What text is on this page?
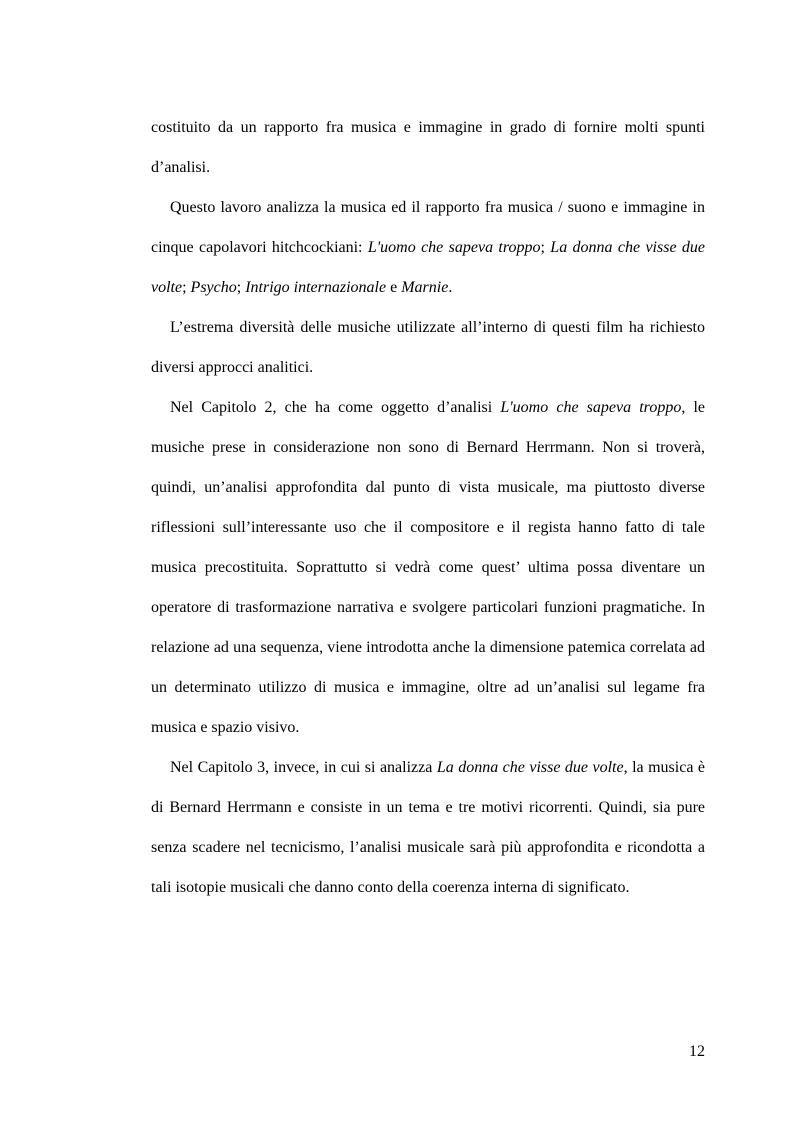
costituito da un rapporto fra musica e immagine in grado di fornire molti spunti d’analisi.

Questo lavoro analizza la musica ed il rapporto fra musica / suono e immagine in cinque capolavori hitchcockiani: L'uomo che sapeva troppo; La donna che visse due volte; Psycho; Intrigo internazionale e Marnie.

L’estrema diversità delle musiche utilizzate all’interno di questi film ha richiesto diversi approcci analitici.

Nel Capitolo 2, che ha come oggetto d’analisi L'uomo che sapeva troppo, le musiche prese in considerazione non sono di Bernard Herrmann. Non si troverà, quindi, un’analisi approfondita dal punto di vista musicale, ma piuttosto diverse riflessioni sull’interessante uso che il compositore e il regista hanno fatto di tale musica precostituita. Soprattutto si vedrà come quest’ ultima possa diventare un operatore di trasformazione narrativa e svolgere particolari funzioni pragmatiche. In relazione ad una sequenza, viene introdotta anche la dimensione patemica correlata ad un determinato utilizzo di musica e immagine, oltre ad un’analisi sul legame fra musica e spazio visivo.

Nel Capitolo 3, invece, in cui si analizza La donna che visse due volte, la musica è di Bernard Herrmann e consiste in un tema e tre motivi ricorrenti. Quindi, sia pure senza scadere nel tecnicismo, l’analisi musicale sarà più approfondita e ricondotta a tali isotopie musicali che danno conto della coerenza interna di significato.

12
